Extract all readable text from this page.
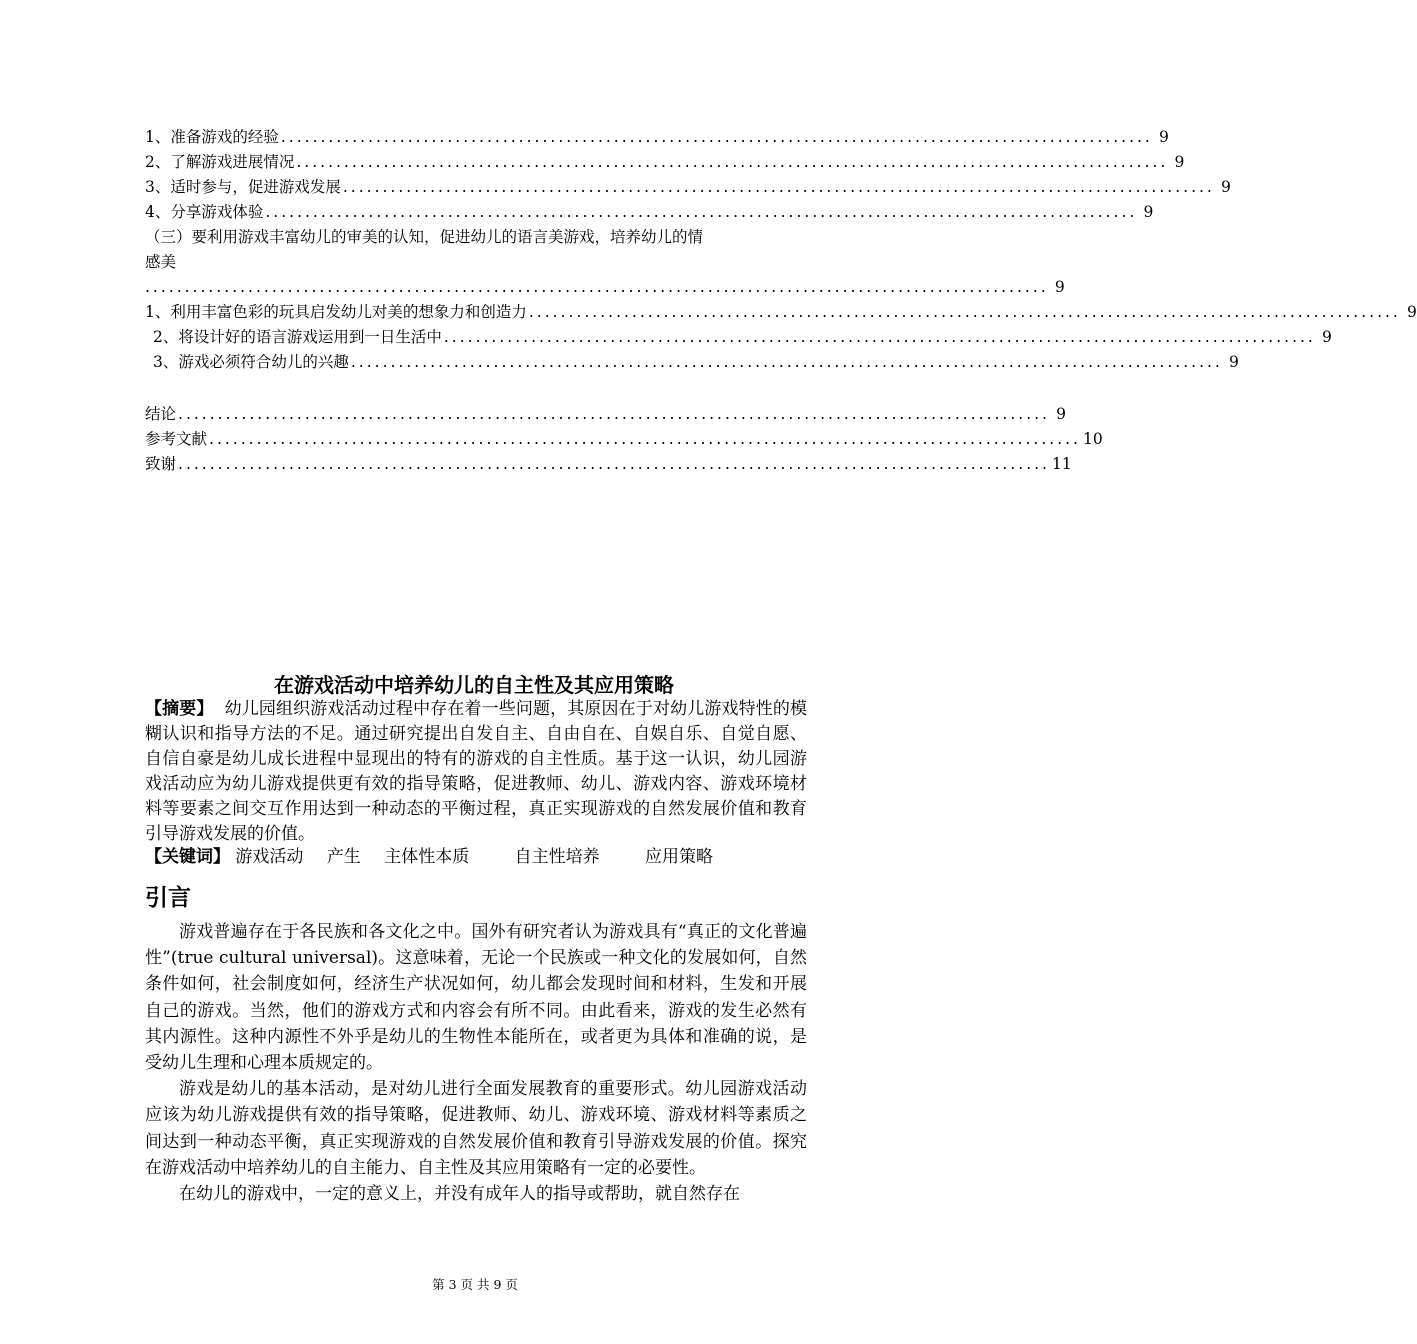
1、准备游戏的经验 .............................................................................................................. 9
2、了解游戏进展情况 .............................................................................................................. 9
3、适时参与，促进游戏发展 .............................................................................................................. 9
4、分享游戏体验 .............................................................................................................. 9
（三）要利用游戏丰富幼儿的审美的认知，促进幼儿的语言美游戏，培养幼儿的情
感美
.................................................................................................................. 9
1、利用丰富色彩的玩具启发幼儿对美的想象力和创造力 .............................................................................................................. 9
2、将设计好的语言游戏运用到一日生活中 .............................................................................................................. 9
3、游戏必须符合幼儿的兴趣 .............................................................................................................. 9
结论 .............................................................................................................. 9
参考文献 .............................................................................................................. 10
致谢 .............................................................................................................. 11
在游戏活动中培养幼儿的自主性及其应用策略
【摘要】  幼儿园组织游戏活动过程中存在着一些问题，其原因在于对幼儿游戏特性的模糊认识和指导方法的不足。通过研究提出自发自主、自由自在、自娱自乐、自觉自愿、自信自豪是幼儿成长进程中显现出的特有的游戏的自主性质。基于这一认识，幼儿园游戏活动应为幼儿游戏提供更有效的指导策略，促进教师、幼儿、游戏内容、游戏环境材料等要素之间交互作用达到一种动态的平衡过程，真正实现游戏的自然发展价值和教育引导游戏发展的价值。
【关键词】 游戏活动 产生 主体性本质	自主性培养	应用策略
引言

游戏普遍存在于各民族和各文化之中。国外有研究者认为游戏具有“真正的文化普遍性”(true cultural universal)。这意味着，无论一个民族或一种文化的发展如何，自然条件如何，社会制度如何，经济生产状况如何，幼儿都会发现时间和材料，生发和开展自己的游戏。当然，他们的游戏方式和内容会有所不同。由此看来，游戏的发生必然有其内源性。这种内源性不外乎是幼儿的生物性本能所在，或者更为具体和准确的说，是受幼儿生理和心理本质规定的。

游戏是幼儿的基本活动，是对幼儿进行全面发展教育的重要形式。幼儿园游戏活动应该为幼儿游戏提供有效的指导策略，促进教师、幼儿、游戏环境、游戏材料等素质之间达到一种动态平衡，真正实现游戏的自然发展价值和教育引导游戏发展的价值。探究在游戏活动中培养幼儿的自主能力、自主性及其应用策略有一定的必要性。

在幼儿的游戏中，一定的意义上，并没有成年人的指导或帮助，就自然存在

第 3 页 共 9 页
